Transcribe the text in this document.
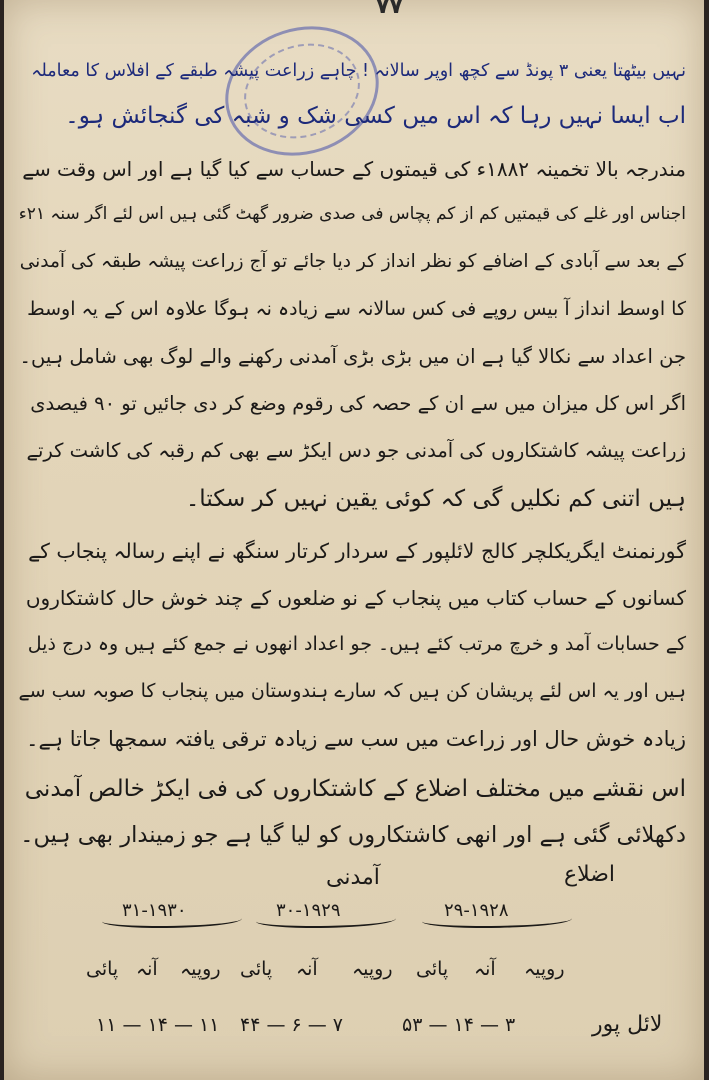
۷۷
نہیں بیٹھتا یعنی ۳ پونڈ سے کچھ اوپر سالانہ ! چاہے زراعت پیشہ طبقے کے افلاس کا معاملہ
اب ایسا نہیں رہا کہ اس میں کسی شک و شبہ کی گنجائش ہو۔
مندرجہ بالا تخمینہ ۱۸۸۲ء کی قیمتوں کے حساب سے کیا گیا ہے اور اس وقت سے
اجناس اور غلے کی قیمتیں کم از کم پچاس فی صدی ضرور گھٹ گئی ہیں اس لئے اگر سنہ ۲۱ء
کے بعد سے آبادی کے اضافے کو نظر انداز کر دیا جائے تو آج زراعت پیشہ طبقہ کی آمدنی
کا اوسط انداز آ بیس روپے فی کس سالانہ سے زیادہ نہ ہوگا علاوہ اس کے یہ اوسط
جن اعداد سے نکالا گیا ہے ان میں بڑی بڑی آمدنی رکھنے والے لوگ بھی شامل ہیں۔
اگر اس کل میزان میں سے ان کے حصہ کی رقوم وضع کر دی جائیں تو ۹۰ فیصدی
زراعت پیشہ کاشتکاروں کی آمدنی جو دس ایکڑ سے بھی کم رقبہ کی کاشت کرتے
ہیں اتنی کم نکلیں گی کہ کوئی یقین نہیں کر سکتا۔
گورنمنٹ ایگریکلچر کالج لائلپور کے سردار کرتار سنگھ نے اپنے رسالہ پنجاب کے
کسانوں کے حساب کتاب میں پنجاب کے نو ضلعوں کے چند خوش حال کاشتکاروں
کے حسابات آمد و خرچ مرتب کئے ہیں۔ جو اعداد انھوں نے جمع کئے ہیں وہ درج ذیل
ہیں اور یہ اس لئے پریشان کن ہیں کہ سارے ہندوستان میں پنجاب کا صوبہ سب سے
زیادہ خوش حال اور زراعت میں سب سے زیادہ ترقی یافتہ سمجھا جاتا ہے۔
اس نقشے میں مختلف اضلاع کے کاشتکاروں کی فی ایکڑ خالص آمدنی
دکھلائی گئی ہے اور انھی کاشتکاروں کو لیا گیا ہے جو زمیندار بھی ہیں۔
اضلاع
آمدنی
۲۹-۱۹۲۸
۳۰-۱۹۲۹
۳۱-۱۹۳۰
روپیہ
آنہ
پائی
روپیہ
آنہ
پائی
روپیہ
آنہ
پائی
لائل پور
۵۳ — ۱۴ — ۳
۴۴ — ۶ — ۷
۱۱ — ۱۴ — ۱۱
